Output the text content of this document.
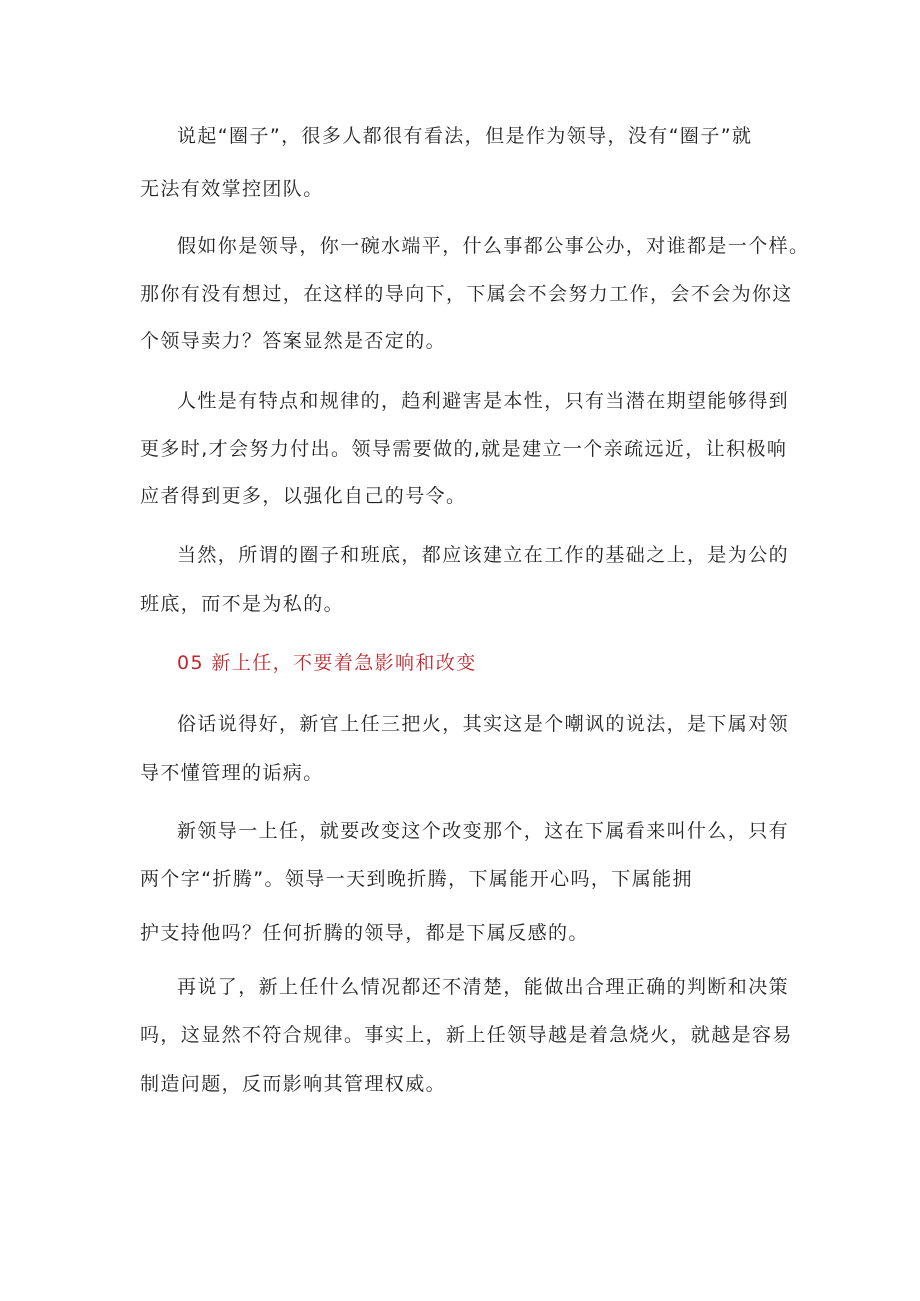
说起“圈子”，很多人都很有看法，但是作为领导，没有“圈子”就
无法有效掌控团队。
假如你是领导，你一碗水端平，什么事都公事公办，对谁都是一个样。
那你有没有想过，在这样的导向下，下属会不会努力工作，会不会为你这
个领导卖力？答案显然是否定的。
人性是有特点和规律的，趋利避害是本性，只有当潜在期望能够得到
更多时,才会努力付出。领导需要做的,就是建立一个亲疏远近，让积极响
应者得到更多，以强化自己的号令。
当然，所谓的圈子和班底，都应该建立在工作的基础之上，是为公的
班底，而不是为私的。
05 新上任，不要着急影响和改变
俗话说得好，新官上任三把火，其实这是个嘲讽的说法，是下属对领
导不懂管理的诟病。
新领导一上任，就要改变这个改变那个，这在下属看来叫什么，只有
两个字“折腾”。领导一天到晚折腾，下属能开心吗，下属能拥
护支持他吗？任何折腾的领导，都是下属反感的。
再说了，新上任什么情况都还不清楚，能做出合理正确的判断和决策
吗，这显然不符合规律。事实上，新上任领导越是着急烧火，就越是容易
制造问题，反而影响其管理权威。
